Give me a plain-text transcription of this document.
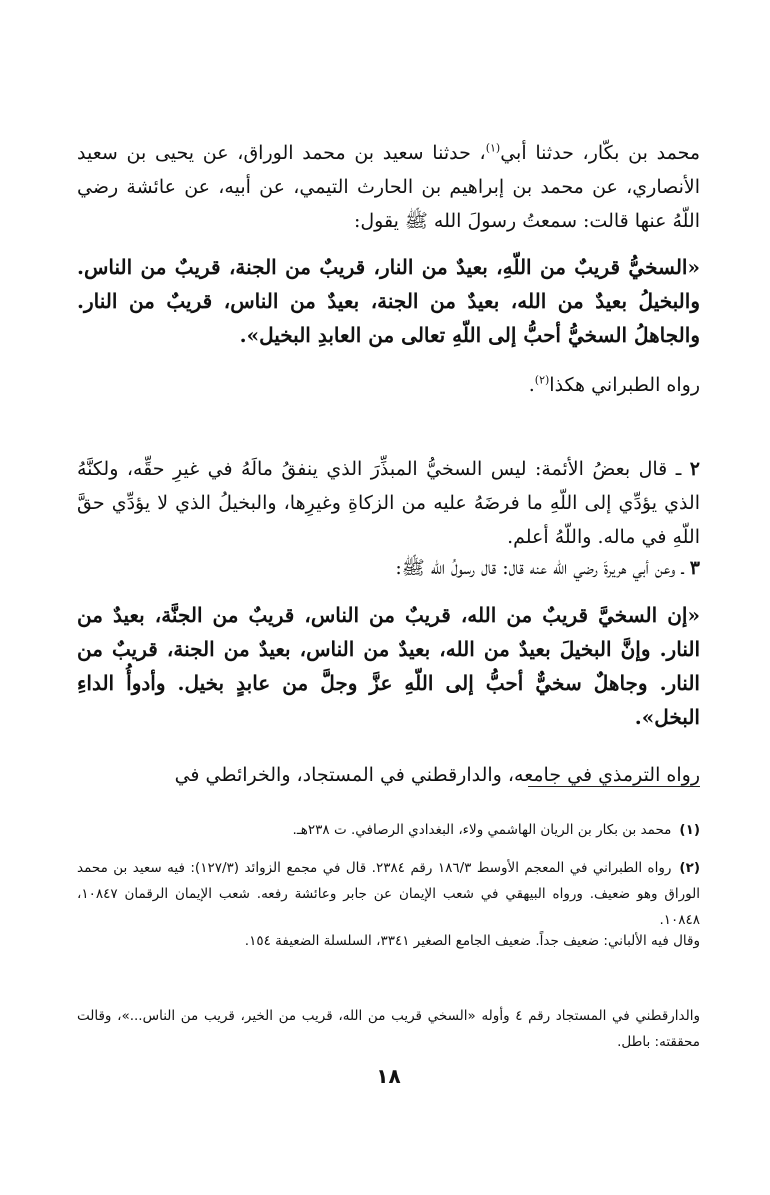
محمد بن بكّار، حدثنا أبي$^{(١)}$، حدثنا سعيد بن محمد الوراق، عن يحيى بن سعيد الأنصاري، عن محمد بن إبراهيم بن الحارث التيمي، عن أبيه، عن عائشة رضي اللّهُ عنها قالت: سمعتُ رسولَ الله ﷺ يقول:

«السخيُّ قريبٌ من اللّهِ، بعيدٌ من النار، قريبٌ من الجنة، قريبٌ من الناس. والبخيلُ بعيدٌ من الله، بعيدٌ من الجنة، بعيدٌ من الناس، قريبٌ من النار. والجاهلُ السخيُّ أحبُّ إلى اللّهِ تعالى من العابدِ البخيل».

رواه الطبراني هكذا$^{(٢)}$.

٢ ـ قال بعضُ الأئمة: ليس السخيُّ المبذِّرَ الذي ينفقُ مالَهُ في غيرِ حقِّه، ولكنَّهُ الذي يؤدِّي إلى اللّهِ ما فرضَهُ عليه من الزكاةِ وغيرِها، والبخيلُ الذي لا يؤدِّي حقَّ اللّهِ في ماله. واللّهُ أعلم.

٣ ـ وعن أبي هريرةَ رضي الله عنه قال: قال رسولُ الله ﷺ:

«إن السخيَّ قريبٌ من الله، قريبٌ من الناس، قريبٌ من الجنَّة، بعيدٌ من النار. وإنَّ البخيلَ بعيدٌ من الله، بعيدٌ من الناس، بعيدٌ من الجنة، قريبٌ من النار. وجاهلٌ سخيٌّ أحبُّ إلى اللّهِ عزَّ وجلَّ من عابدٍ بخيل. وأدوأُ الداءِ البخل».

رواه الترمذي في جامعه، والدارقطني في المستجاد، والخرائطي في

(١)محمد بن بكار بن الريان الهاشمي ولاء، البغدادي الرصافي. ت ٢٣٨هـ.

(٢)رواه الطبراني في المعجم الأوسط ١٨٦/٣ رقم ٢٣٨٤. قال في مجمع الزوائد (١٢٧/٣): فيه سعيد بن محمد الوراق وهو ضعيف. ورواه البيهقي في شعب الإيمان عن جابر وعائشة رفعه. شعب الإيمان الرقمان ١٠٨٤٧، ١٠٨٤٨.

وقال فيه الألباني: ضعيف جداً. ضعيف الجامع الصغير ٣٣٤١، السلسلة الضعيفة ١٥٤.

والدارقطني في المستجاد رقم ٤ وأوله «السخي قريب من الله، قريب من الخير، قريب من الناس...»، وقالت محققته: باطل.

١٨
